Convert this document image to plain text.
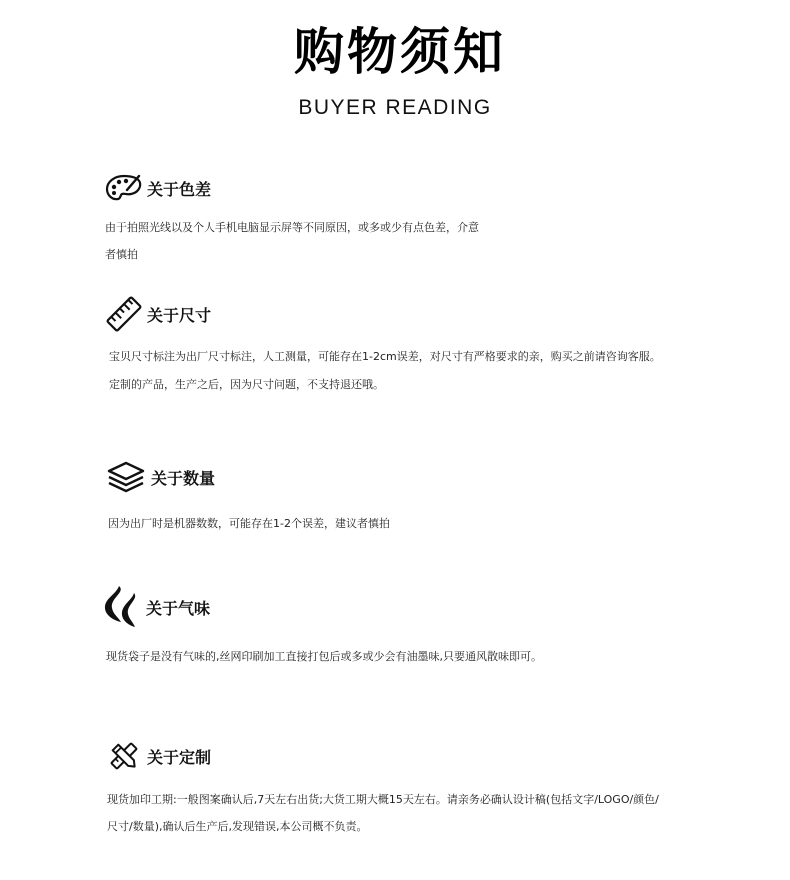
购物须知
BUYER READING
关于色差
由于拍照光线以及个人手机电脑显示屏等不同原因，或多或少有点色差，介意
者慎拍
关于尺寸
宝贝尺寸标注为出厂尺寸标注，人工测量，可能存在1-2cm误差，对尺寸有严格要求的亲，购买之前请咨询客服。
定制的产品，生产之后，因为尺寸问题，不支持退还哦。
关于数量
因为出厂时是机器数数，可能存在1-2个误差，建议者慎拍
关于气味
现货袋子是没有气味的,丝网印刷加工直接打包后或多或少会有油墨味,只要通风散味即可。
关于定制
现货加印工期:一般图案确认后,7天左右出货;大货工期大概15天左右。请亲务必确认设计稿(包括文字/LOGO/颜色/
尺寸/数量),确认后生产后,发现错误,本公司概不负责。
